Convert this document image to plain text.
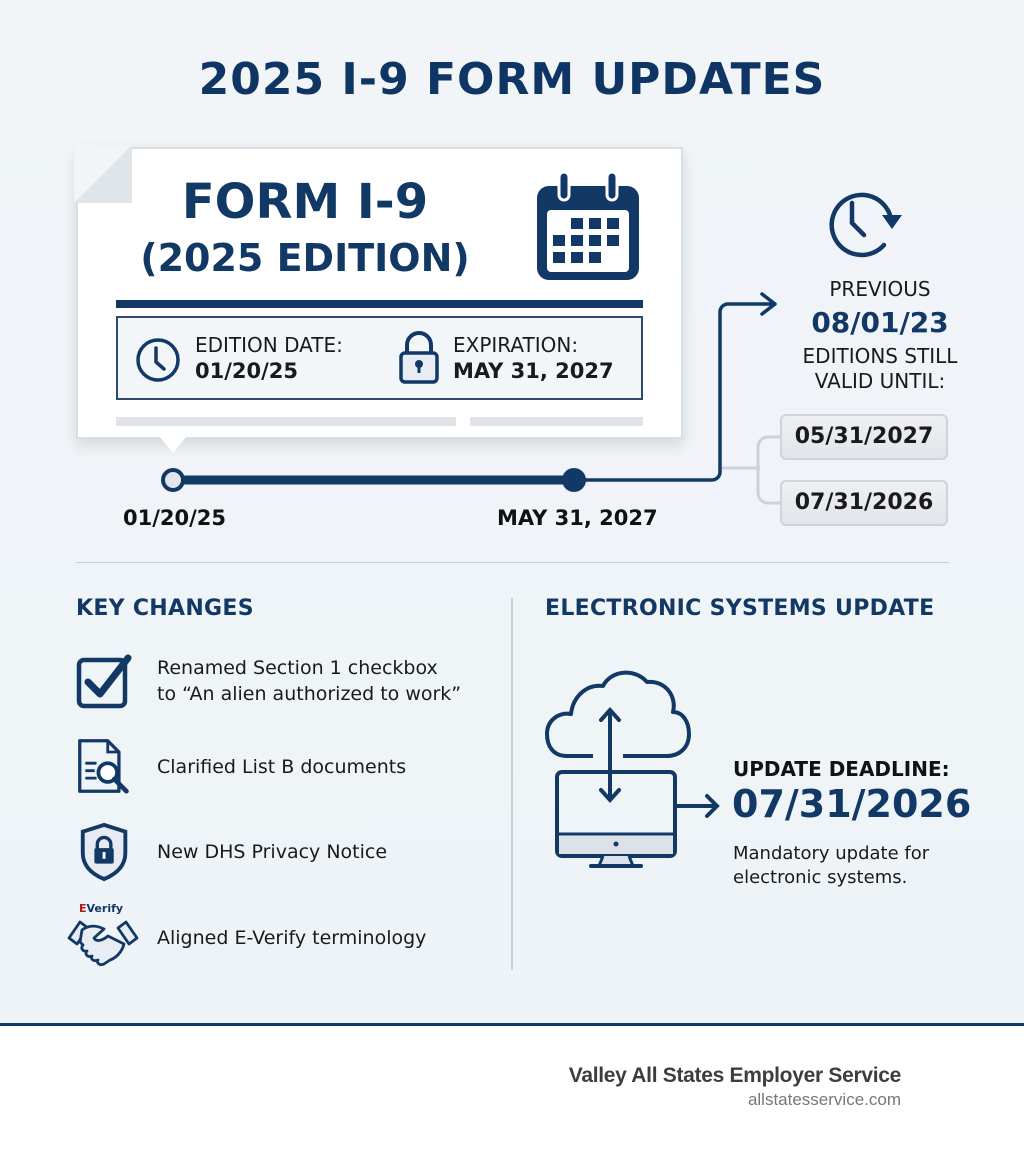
2025 I-9 FORM UPDATES
FORM I-9
(2025 EDITION)
EDITION DATE:
01/20/25
EXPIRATION:
MAY 31, 2027
01/20/25	MAY 31, 2027
PREVIOUS
08/01/23
EDITIONS STILL
VALID UNTIL:
05/31/2027
07/31/2026
KEY CHANGES
Renamed Section 1 checkbox
to “An alien authorized to work”
Clarified List B documents
New DHS Privacy Notice
EVerify
Aligned E-Verify terminology
ELECTRONIC SYSTEMS UPDATE
UPDATE DEADLINE:
07/31/2026
Mandatory update for electronic systems.
Valley All States Employer Service
allstatesservice.com
